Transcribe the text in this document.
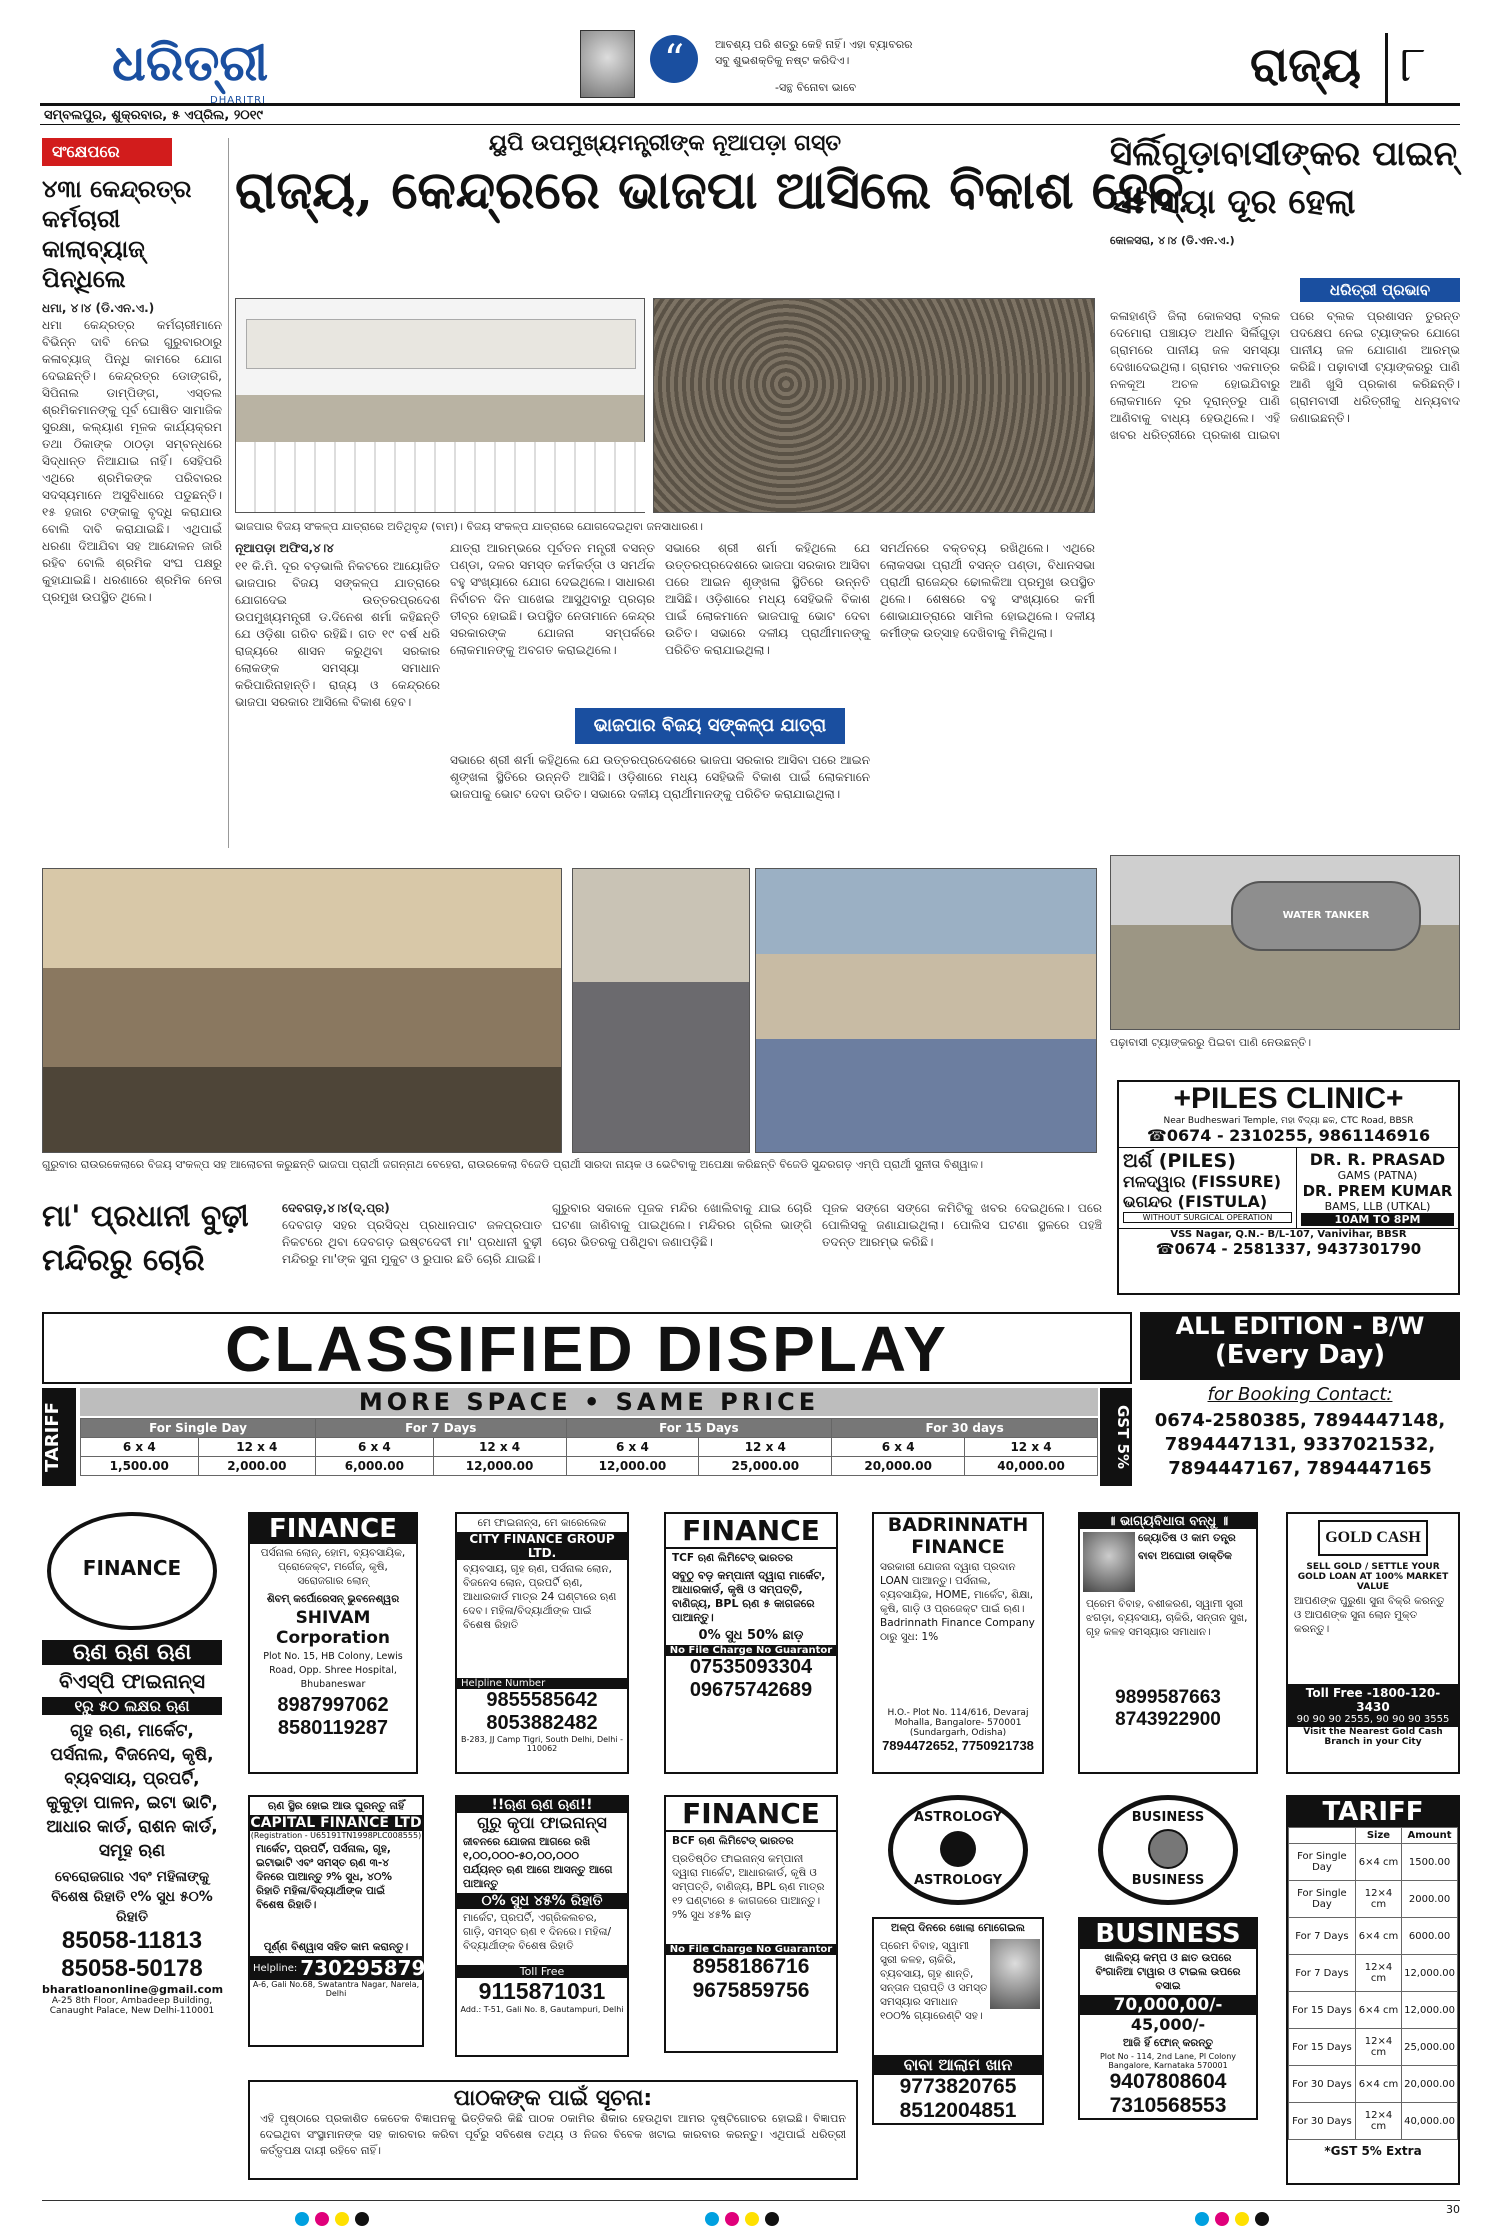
ଧରିତ୍ରୀ
DHARITRI
“	ଆବଶ୍ୟ ପରି ଶତ୍ରୁ କେହି ନାହିଁ। ଏହା ବ୍ୟାବରର ସବୁ ଶୁଭଶକ୍ତିକୁ ନଷ୍ଟ କରିଦିଏ।
-ସନ୍ଥ ବିନୋବା ଭାବେ	ରାଜ୍ୟ ୮
ସମ୍ବଲପୁର, ଶୁକ୍ରବାର, ୫ ଏପ୍ରିଲ, ୨୦୧୯
ସଂକ୍ଷେପରେ
୪୩ା କେନ୍ଦ୍ରତ୍ର କର୍ମଚାରୀ କାଲାବ୍ୟାଜ୍ ପିନ୍ଧିଲେ
ଧମା, ୪।୪ (ଡି.ଏନ.ଏ.)
ଧମା କେନ୍ଦ୍ରତ୍ର କର୍ମଚାରୀମାନେ ବିଭିନ୍ନ ଦାବି ନେଇ ଗୁରୁବାରଠାରୁ କଳାବ୍ୟାଜ୍ ପିନ୍ଧି କାମରେ ଯୋଗ ଦେଇଛନ୍ତି। କେନ୍ଦ୍ରତ୍ର ଡୋଙ୍ଗରି, ସିପିନାଲ ଡାମ୍ପିଙ୍ଗ, ଏସ୍ତଲ ଶ୍ରମିକମାନଙ୍କୁ ପୂର୍ବ ଘୋଷିତ ସାମାଜିକ ସୁରକ୍ଷା, କଲ୍ୟାଣ ମୂଳକ କାର୍ଯ୍ୟକ୍ରମ ତଥା ଠିକାଙ୍କ ଠାଠଡ଼ା ସମ୍ବନ୍ଧରେ ସିଦ୍ଧାନ୍ତ ନିଆଯାଇ ନାହିଁ। ସେହିପରି ଏଥିରେ ଶ୍ରମିକଙ୍କ ପରିବାରର ସଦସ୍ୟମାନେ ଅସୁବିଧାରେ ପଡୁଛନ୍ତି। ୧୫ ହଜାର ଟଙ୍କାକୁ ବୃଦ୍ଧି କରାଯାଉ ବୋଲି ଦାବି କରାଯାଇଛି। ଏଥିପାଇଁ ଧରଣା ଦିଆଯିବା ସହ ଆନ୍ଦୋଳନ ଜାରି ରହିବ ବୋଲି ଶ୍ରମିକ ସଂଘ ପକ୍ଷରୁ କୁହାଯାଇଛି। ଧରଣାରେ ଶ୍ରମିକ ନେତା ପ୍ରମୁଖ ଉପସ୍ଥିତ ଥିଲେ।
ୟୁପି ଉପମୁଖ୍ୟମନ୍ତ୍ରୀଙ୍କ ନୂଆପଡ଼ା ଗସ୍ତ
ରାଜ୍ୟ, କେନ୍ଦ୍ରରେ ଭାଜପା ଆସିଲେ ବିକାଶ ହେବ
ଭାଜପାର ବିଜୟ ସଂକଳ୍ପ ଯାତ୍ରାରେ ଅତିଥିବୃନ୍ଦ (ବାମ)। ବିଜୟ ସଂକଳ୍ପ ଯାତ୍ରାରେ ଯୋଗଦେଇଥିବା ଜନସାଧାରଣ।
ନୂଆପଡ଼ା ଅଫିସ,୪।୪
୧୧ କି.ମି. ଦୂର ବଡ଼ଭାଲି ନିକଟରେ ଆୟୋଜିତ ଭାଜପାର ବିଜୟ ସଙ୍କଳ୍ପ ଯାତ୍ରାରେ ଯୋଗଦେଇ ଉତ୍ତରପ୍ରଦେଶ ଉପମୁଖ୍ୟମନ୍ତ୍ରୀ ଡ.ଦିନେଶ ଶର୍ମା କହିଛନ୍ତି ଯେ ଓଡ଼ିଶା ଗରିବ ରହିଛି। ଗତ ୧୯ ବର୍ଷ ଧରି ରାଜ୍ୟରେ ଶାସନ କରୁଥିବା ସରକାର ଲୋକଙ୍କ ସମସ୍ୟା ସମାଧାନ କରିପାରିନାହାନ୍ତି। ରାଜ୍ୟ ଓ କେନ୍ଦ୍ରରେ ଭାଜପା ସରକାର ଆସିଲେ ବିକାଶ ହେବ।
ଯାତ୍ରା ଆରମ୍ଭରେ ପୂର୍ବତନ ମନ୍ତ୍ରୀ ବସନ୍ତ ପଣ୍ଡା, ଦଳର ସମସ୍ତ କର୍ମକର୍ତ୍ତା ଓ ସମର୍ଥକ ବହୁ ସଂଖ୍ୟାରେ ଯୋଗ ଦେଇଥିଲେ। ସାଧାରଣ ନିର୍ବାଚନ ଦିନ ପାଖେଇ ଆସୁଥିବାରୁ ପ୍ରଚାର ତୀବ୍ର ହୋଇଛି। ଉପସ୍ଥିତ ନେତାମାନେ କେନ୍ଦ୍ର ସରକାରଙ୍କ ଯୋଜନା ସମ୍ପର୍କରେ ଲୋକମାନଙ୍କୁ ଅବଗତ କରାଇଥିଲେ।
ସଭାରେ ଶ୍ରୀ ଶର୍ମା କହିଥିଲେ ଯେ ଉତ୍ତରପ୍ରଦେଶରେ ଭାଜପା ସରକାର ଆସିବା ପରେ ଆଇନ ଶୃଙ୍ଖଳା ସ୍ଥିତିରେ ଉନ୍ନତି ଆସିଛି। ଓଡ଼ିଶାରେ ମଧ୍ୟ ସେହିଭଳି ବିକାଶ ପାଇଁ ଲୋକମାନେ ଭାଜପାକୁ ଭୋଟ ଦେବା ଉଚିତ। ସଭାରେ ଦଳୀୟ ପ୍ରାର୍ଥୀମାନଙ୍କୁ ପରିଚିତ କରାଯାଇଥିଲା।
ସମର୍ଥନରେ ବକ୍ତବ୍ୟ ରଖିଥିଲେ। ଏଥିରେ ଲୋକସଭା ପ୍ରାର୍ଥୀ ବସନ୍ତ ପଣ୍ଡା, ବିଧାନସଭା ପ୍ରାର୍ଥୀ ରାଜେନ୍ଦ୍ର ଢୋଲକିଆ ପ୍ରମୁଖ ଉପସ୍ଥିତ ଥିଲେ। ଶେଷରେ ବହୁ ସଂଖ୍ୟାରେ କର୍ମୀ ଶୋଭାଯାତ୍ରାରେ ସାମିଲ ହୋଇଥିଲେ। ଦଳୀୟ କର୍ମୀଙ୍କ ଉତ୍ସାହ ଦେଖିବାକୁ ମିଳିଥିଲା।
ଭାଜପାର ବିଜୟ ସଙ୍କଳ୍ପ ଯାତ୍ରା
ସଭାରେ ଶ୍ରୀ ଶର୍ମା କହିଥିଲେ ଯେ ଉତ୍ତରପ୍ରଦେଶରେ ଭାଜପା ସରକାର ଆସିବା ପରେ ଆଇନ ଶୃଙ୍ଖଳା ସ୍ଥିତିରେ ଉନ୍ନତି ଆସିଛି। ଓଡ଼ିଶାରେ ମଧ୍ୟ ସେହିଭଳି ବିକାଶ ପାଇଁ ଲୋକମାନେ ଭାଜପାକୁ ଭୋଟ ଦେବା ଉଚିତ। ସଭାରେ ଦଳୀୟ ପ୍ରାର୍ଥୀମାନଙ୍କୁ ପରିଚିତ କରାଯାଇଥିଲା।
ସିର୍ଲିଗୁଡ଼ାବାସୀଙ୍କର ପାଇନ୍ ସମସ୍ୟା ଦୂର ହେଲା
କୋଳସରା, ୪।୪ (ଡି.ଏନ.ଏ.)
ଧରିତ୍ରୀ ପ୍ରଭାବ
କଳାହାଣ୍ଡି ଜିଲା କୋଳସରା ବ୍ଲକ ଦେମୋରା ପଞ୍ଚାୟତ ଅଧୀନ ସିର୍ଲିଗୁଡ଼ା ଗ୍ରାମରେ ପାନୀୟ ଜଳ ସମସ୍ୟା ଦେଖାଦେଇଥିଲା। ଗ୍ରାମର ଏକମାତ୍ର ନଳକୂଅ ଅଚଳ ହୋଇଯିବାରୁ ଲୋକମାନେ ଦୂର ଦୂରାନ୍ତରୁ ପାଣି ଆଣିବାକୁ ବାଧ୍ୟ ହେଉଥିଲେ। ଏହି ଖବର ଧରିତ୍ରୀରେ ପ୍ରକାଶ ପାଇବା ପରେ ବ୍ଲକ ପ୍ରଶାସନ ତୁରନ୍ତ ପଦକ୍ଷେପ ନେଇ ଟ୍ୟାଙ୍କର ଯୋଗେ ପାନୀୟ ଜଳ ଯୋଗାଣ ଆରମ୍ଭ କରିଛି। ପଢ଼ାବାସୀ ଟ୍ୟାଙ୍କରରୁ ପାଣି ଆଣି ଖୁସି ପ୍ରକାଶ କରିଛନ୍ତି। ଗ୍ରାମବାସୀ ଧରିତ୍ରୀକୁ ଧନ୍ୟବାଦ ଜଣାଇଛନ୍ତି।
WATER TANKER
ପଢ଼ାବାସୀ ଟ୍ୟାଙ୍କରରୁ ପିଇବା ପାଣି ନେଉଛନ୍ତି।
ଗୁରୁବାର ରାଉରକେଲାରେ ବିଜୟ ସଂକଳ୍ପ ସହ ଆଲୋଚନା କରୁଛନ୍ତି ଭାଜପା ପ୍ରାର୍ଥୀ ଜଗନ୍ନାଥ ବେହେରା, ରାଉରକେଲା ବିଜେଡି ପ୍ରାର୍ଥୀ ସାରଦା ନାୟକ ଓ ଭେଟିବାକୁ ଅପେକ୍ଷା କରିଛନ୍ତି ବିଜେଡି ସୁନ୍ଦରଗଡ଼ ଏମ୍ପି ପ୍ରାର୍ଥୀ ସୁନୀତା ବିଶ୍ୱାଳ।
+PILES CLINIC+
Near Budheswari Temple, ମହା ବିଦ୍ୟା ଛକ, CTC Road, BBSR
☎0674 - 2310255, 9861146916
ଅର୍ଶ (PILES)
ମଳଦ୍ୱାର (FISSURE)
ଭଗନ୍ଦର (FISTULA)
WITHOUT SURGICAL OPERATION
DR. R. PRASAD
GAMS (PATNA)
DR. PREM KUMAR
BAMS, LLB (UTKAL)
10AM TO 8PM
VSS Nagar, Q.N.- B/L-107, Vanivihar, BBSR
☎0674 - 2581337, 9437301790
ମା' ପ୍ରଧାନୀ ବୁଢ଼ୀ ମନ୍ଦିରରୁ ଚୋରି
ଦେବଗଡ଼,୪।୪(ଦ୍.ପ୍ର)
ଦେବଗଡ଼ ସହର ପ୍ରସିଦ୍ଧ ପ୍ରଧାନପାଟ ଜଳପ୍ରପାତ ନିକଟରେ ଥିବା ଦେବଗଡ଼ ଇଷ୍ଟଦେବୀ ମା' ପ୍ରଧାନୀ ବୁଢ଼ୀ ମନ୍ଦିରରୁ ମା'ଙ୍କ ସୁନା ମୁକୁଟ ଓ ରୁପାର ଛତି ଚୋରି ଯାଇଛି।
ଗୁରୁବାର ସକାଳେ ପୂଜକ ମନ୍ଦିର ଖୋଲିବାକୁ ଯାଇ ଚୋରି ଘଟଣା ଜାଣିବାକୁ ପାଇଥିଲେ। ମନ୍ଦିରର ଗ୍ରିଲ ଭାଙ୍ଗି ଚୋର ଭିତରକୁ ପଶିଥିବା ଜଣାପଡ଼ିଛି।
ପୂଜକ ସଙ୍ଗେ ସଙ୍ଗେ କମିଟିକୁ ଖବର ଦେଇଥିଲେ। ପରେ ପୋଲିସକୁ ଜଣାଯାଇଥିଲା। ପୋଲିସ ଘଟଣା ସ୍ଥଳରେ ପହଞ୍ଚି ତଦନ୍ତ ଆରମ୍ଭ କରିଛି।
CLASSIFIED DISPLAY
TARIFF
MORE SPACE • SAME PRICE
GST 5%
For Single Day		For 7 Days		For 15 Days		For 30 days	
6 x 4	12 x 4	6 x 4	12 x 4	6 x 4	12 x 4	6 x 4	12 x 4
1,500.00	2,000.00	6,000.00	12,000.00	12,000.00	25,000.00	20,000.00	40,000.00
ALL EDITION - B/W
(Every Day)
for Booking Contact:
0674-2580385, 7894447148,
7894447131, 9337021532,
7894447167, 7894447165
FINANCE
ଋଣ ଋଣ ଋଣ
ବିଏସ୍ପି ଫାଇନାନ୍ସ
୧ରୁ ୫୦ ଲକ୍ଷର ଋଣ
ଗୃହ ଋଣ, ମାର୍କେଟ, ପର୍ସନାଲ, ବିଜନେସ, କୃଷି, ବ୍ୟବସାୟ, ପ୍ରପର୍ଟି, କୁକୁଡ଼ା ପାଳନ, ଇଟା ଭାଟି, ଆଧାର କାର୍ଡ, ରାଶନ କାର୍ଡ, ସମୂହ ଋଣ
ବେରୋଜଗାର ଏବଂ ମହିଳାଙ୍କୁ ବିଶେଷ ରିହାତି ୧% ସୁଧ ୫୦% ରିହାତି
85058-11813
85058-50178
bharatloanonline@gmail.com
A-25 8th Floor, Ambadeep Building, Canaught Palace, New Delhi-110001
FINANCE
ପର୍ସନାଲ ଲୋନ୍, ହୋମ, ବ୍ୟବସାୟିକ, ପ୍ରୋଜେକ୍ଟ, ମର୍ଗେଜ୍, କୃଷି, ସରୋଜଗାର ଲୋନ୍
ଶିବମ୍ କର୍ପୋରେସନ୍ ଭୁବନେଶ୍ୱର
SHIVAM Corporation
Plot No. 15, HB Colony, Lewis Road, Opp. Shree Hospital, Bhubaneswar
8987997062
8580119287
ମେ ଫାଇନାନ୍ସ, ମେ କାରେଲେକ
CITY FINANCE GROUP LTD.
ବ୍ୟବସାୟ, ଗୃହ ଋଣ, ପର୍ସନାଲ ଲୋନ, ବିଜନେସ ଲୋନ, ପ୍ରପର୍ଟି ଋଣ, ଆଧାରକାର୍ଡ ମାତ୍ର 24 ଘଣ୍ଟାରେ ଋଣ ଦେବ। ମହିଳା/ବିଦ୍ୟାର୍ଥୀଙ୍କ ପାଇଁ ବିଶେଷ ରିହାତି
Helpline Number
9855585642
8053882482
B-283, JJ Camp Tigri, South Delhi, Delhi - 110062
FINANCE
TCF ଋଣ ଲିମିଟେଡ୍ ଭାରତର
ସବୁଠୁ ବଡ଼ କମ୍ପାନୀ ଦ୍ୱାରା ମାର୍କେଟ, ଆଧାରକାର୍ଡ, କୃଷି ଓ ସମ୍ପତ୍ତି, ବାଣିଜ୍ୟ, BPL ଋଣ ୫ କାଗଜରେ ପାଆନ୍ତୁ।
0% ସୁଧ 50% ଛାଡ଼
No File Charge No Guarantor
07535093304
09675742689
BADRINNATH FINANCE
ସରକାରୀ ଯୋଜନା ଦ୍ୱାରା ପ୍ରଦାନ LOAN ପାଆନ୍ତୁ। ପର୍ସନାଲ, ବ୍ୟବସାୟିକ, HOME, ମାର୍କେଟ, ଶିକ୍ଷା, କୃଷି, ଗାଡ଼ି ଓ ପ୍ରଜେକ୍ଟ ପାଇଁ ଋଣ। Badrinnath Finance Company ଠାରୁ ସୁଧ: 1%
H.O.- Plot No. 114/616, Devaraj Mohalla, Bangalore- 570001 (Sundargarh, Odisha)
7894472652, 7750921738
॥ ଭାଗ୍ୟବିଧାତା ବନ୍ଧୁ ॥
ଜ୍ୟୋତିଷ ଓ କାମ ତନ୍ତ୍ର
ବାବା ଅଘୋରୀ ଡାକ୍ତିକ
ପ୍ରେମ ବିବାହ, ବଶୀକରଣ, ସ୍ୱାମୀ ସ୍ତ୍ରୀ ଝଗଡ଼ା, ବ୍ୟବସାୟ, ଚାକିରି, ସନ୍ତାନ ସୁଖ, ଗୃହ କଳହ ସମସ୍ୟାର ସମାଧାନ।
9899587663
8743922900
GOLD CASH
SELL GOLD / SETTLE YOUR GOLD LOAN AT 100% MARKET VALUE
ଆପଣଙ୍କ ପୁରୁଣା ସୁନା ବିକ୍ରି କରନ୍ତୁ ଓ ଆପଣଙ୍କ ସୁନା ଲୋନ ମୁକ୍ତ କରନ୍ତୁ।
Toll Free -1800-120-3430
90 90 90 2555, 90 90 90 3555
Visit the Nearest Gold Cash Branch in your City
ଋଣ ସ୍ଥିର ହୋଇ ଆଉ ଘୁରନ୍ତୁ ନାହିଁ
CAPITAL FINANCE LTD
(Registration - U65191TN1998PLC008555)
ମାର୍କେଟ, ପ୍ରପର୍ଟି, ପର୍ସନାଲ, ଗୃହ, ଇଟାଭାଟି ଏବଂ ସମସ୍ତ ଋଣ ୩-୪ ଦିନରେ ପାଆନ୍ତୁ ୨% ସୁଧ, ୪୦% ରିହାତି ମହିଳା/ବିଦ୍ୟାର୍ଥୀଙ୍କ ପାଇଁ ବିଶେଷ ରିହାତି।
ପୂର୍ଣ୍ଣ ବିଶ୍ୱାସ ସହିତ କାମ କରାନ୍ତୁ।
Helpline: 7302958798
A-6, Gali No.68, Swatantra Nagar, Narela, Delhi
!!ଋଣ ଋଣ ଋଣ!!
ଗୁରୁ କୃପା ଫାଇନାନ୍ସ
ଜୀବନରେ ଯୋଜନା ଆଗରେ ରଖି ୧,୦୦,୦୦୦-୫୦,୦୦,୦୦୦ ପର୍ଯ୍ୟନ୍ତ ଋଣ ଆଗେ ଆସନ୍ତୁ ଆଗେ ପାଆନ୍ତୁ
୦% ସୁଧ ୪୫% ରିହାତି
ମାର୍କେଟ, ପ୍ରପର୍ଟି, ଏଗ୍ରିକଲଚର, ଗାଡ଼ି, ସମସ୍ତ ଋଣ ୧ ଦିନରେ। ମହିଳା/ବିଦ୍ୟାର୍ଥୀଙ୍କ ବିଶେଷ ରିହାତି
Toll Free
9115871031
Add.: T-51, Gali No. 8, Gautampuri, Delhi
FINANCE
BCF ଋଣ ଲିମିଟେଡ୍ ଭାରତର
ପ୍ରତିଷ୍ଠିତ ଫାଇନାନ୍ସ କମ୍ପାନୀ ଦ୍ୱାରା ମାର୍କେଟ, ଆଧାରକାର୍ଡ, କୃଷି ଓ ସମ୍ପତ୍ତି, ବାଣିଜ୍ୟ, BPL ଋଣ ମାତ୍ର ୧୨ ଘଣ୍ଟାରେ ୫ କାଗଜରେ ପାଆନ୍ତୁ। ୨% ସୁଧ ୪୫% ଛାଡ଼
No File Charge No Guarantor
8958186716
9675859756
ASTROLOGY
ASTROLOGY
ଅଳ୍ପ ଦିନରେ ଖୋଲା ମୋଗେଇଲ
ପ୍ରେମ ବିବାହ, ସ୍ୱାମୀ ସ୍ତ୍ରୀ କଳହ, ଚାକିରି, ବ୍ୟବସାୟ, ଗୃହ ଶାନ୍ତି, ସନ୍ତାନ ପ୍ରାପ୍ତି ଓ ସମସ୍ତ ସମସ୍ୟାର ସମାଧାନ ୧୦୦% ଗ୍ୟାରେଣ୍ଟି ସହ।
ବାବା ଆଲାମ ଖାନ
9773820765
8512004851
BUSINESS
BUSINESS
BUSINESS
ଖାଲିବ୍ୟ କମ୍ପ ଓ ଛାତ ଉପରେ ବିଂଗାନିଆ ଟାୱାର ଓ ଟାଇଲ ଉପରେ ବସାଇ
70,000,00/-
45,000/-
ଆଜି ହିଁ ଫୋନ୍ କରନ୍ତୁ
Plot No - 114, 2nd Lane, Pl Colony Bangalore, Karnataka 570001
9407808604
7310568553
TARIFF
	Size	Amount
For Single Day	6×4 cm	1500.00
For Single Day	12×4 cm	2000.00
For 7 Days	6×4 cm	6000.00
For 7 Days	12×4 cm	12,000.00
For 15 Days	6×4 cm	12,000.00
For 15 Days	12×4 cm	25,000.00
For 30 Days	6×4 cm	20,000.00
For 30 Days	12×4 cm	40,000.00
*GST 5% Extra
ପାଠକଙ୍କ ପାଇଁ ସୂଚନା:
ଏହି ପୃଷ୍ଠାରେ ପ୍ରକାଶିତ କେତେକ ବିଜ୍ଞାପନକୁ ଭିତ୍ତିକରି କିଛି ପାଠକ ଠକାମିର ଶିକାର ହେଉଥିବା ଆମର ଦୃଷ୍ଟିଗୋଚର ହୋଇଛି। ବିଜ୍ଞାପନ ଦେଇଥିବା ସଂସ୍ଥାମାନଙ୍କ ସହ କାରବାର କରିବା ପୂର୍ବରୁ ସବିଶେଷ ତଥ୍ୟ ଓ ନିଜର ବିବେକ ଖଟାଇ କାରବାର କରନ୍ତୁ। ଏଥିପାଇଁ ଧରିତ୍ରୀ କର୍ତ୍ତୃପକ୍ଷ ଦାୟୀ ରହିବେ ନାହିଁ।
30
